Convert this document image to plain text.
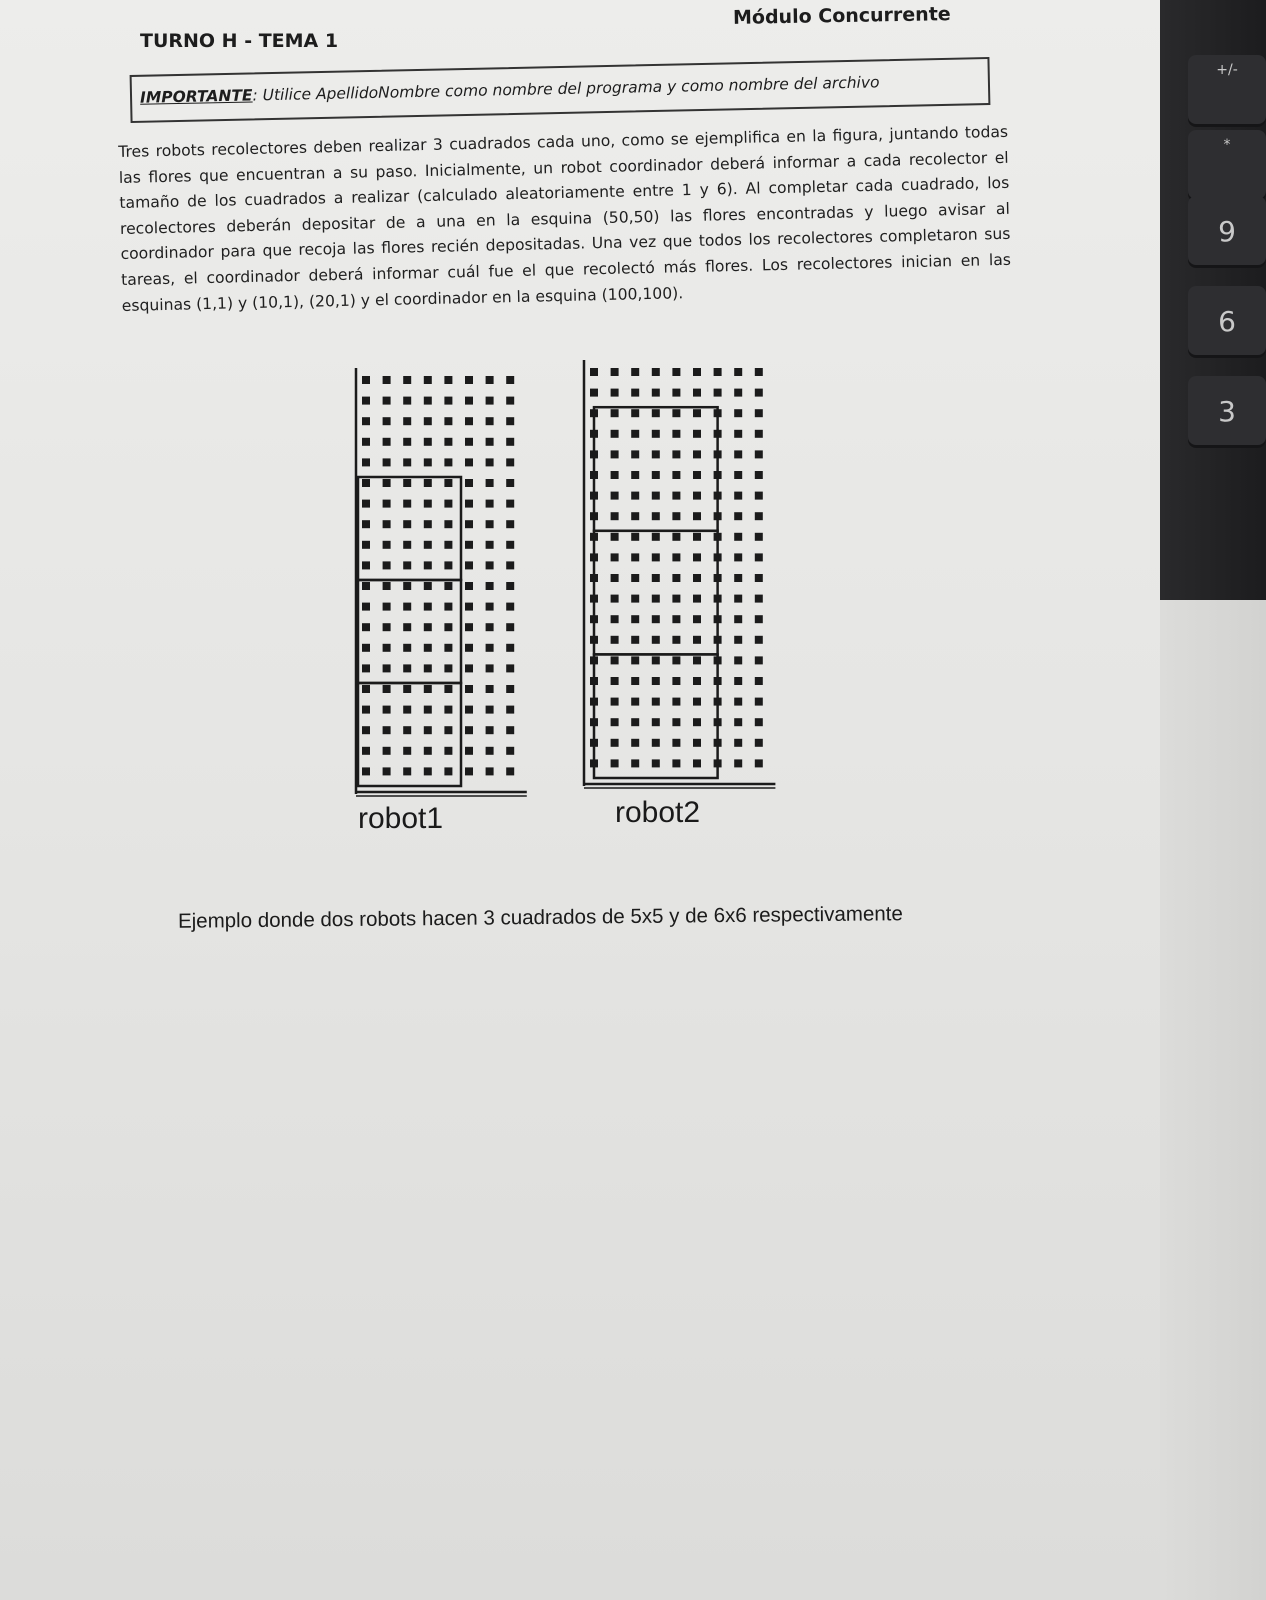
+/-
*
9
6
3
TURNO H - TEMA 1
Módulo Concurrente
IMPORTANTE: Utilice ApellidoNombre como nombre del programa y como nombre del archivo
Tres robots recolectores deben realizar 3 cuadrados cada uno, como se ejemplifica en la figura, juntando todas las flores que encuentran a su paso. Inicialmente, un robot coordinador deberá informar a cada recolector el tamaño de los cuadrados a realizar (calculado aleatoriamente entre 1 y 6). Al completar cada cuadrado, los recolectores deberán depositar de a una en la esquina (50,50) las flores encontradas y luego avisar al coordinador para que recoja las flores recién depositadas. Una vez que todos los recolectores completaron sus tareas, el coordinador deberá informar cuál fue el que recolectó más flores. Los recolectores inician en las esquinas (1,1) y (10,1), (20,1) y el coordinador en la esquina (100,100).
robot1	robot2
Ejemplo donde dos robots hacen 3 cuadrados de 5x5 y de 6x6 respectivamente
